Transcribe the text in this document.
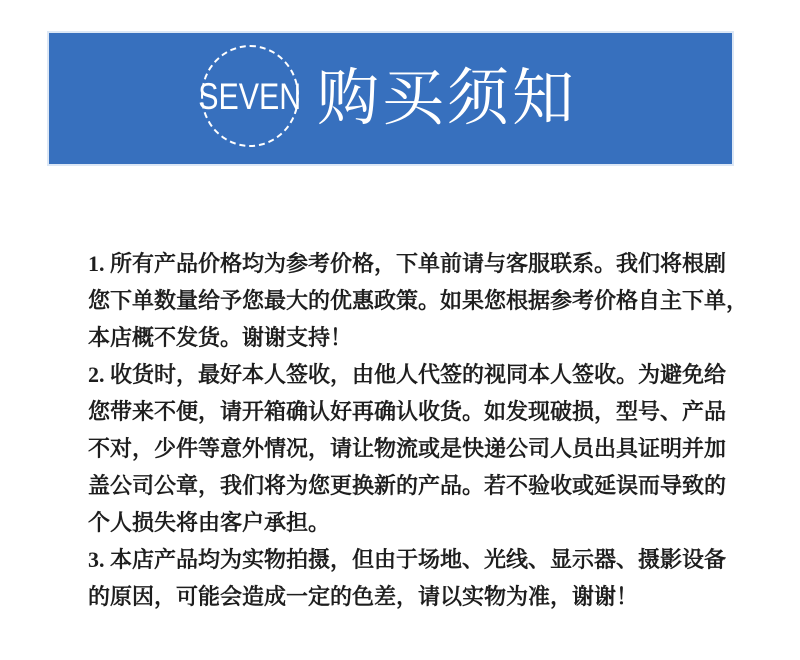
SEVEN 购买须知
1. 所有产品价格均为参考价格，下单前请与客服联系。我们将根剧
您下单数量给予您最大的优惠政策。如果您根据参考价格自主下单，
本店概不发货。谢谢支持！
2. 收货时，最好本人签收，由他人代签的视同本人签收。为避免给
您带来不便，请开箱确认好再确认收货。如发现破损，型号、产品
不对，少件等意外情况，请让物流或是快递公司人员出具证明并加
盖公司公章，我们将为您更换新的产品。若不验收或延误而导致的
个人损失将由客户承担。
3. 本店产品均为实物拍摄，但由于场地、光线、显示器、摄影设备
的原因，可能会造成一定的色差，请以实物为准，谢谢！
